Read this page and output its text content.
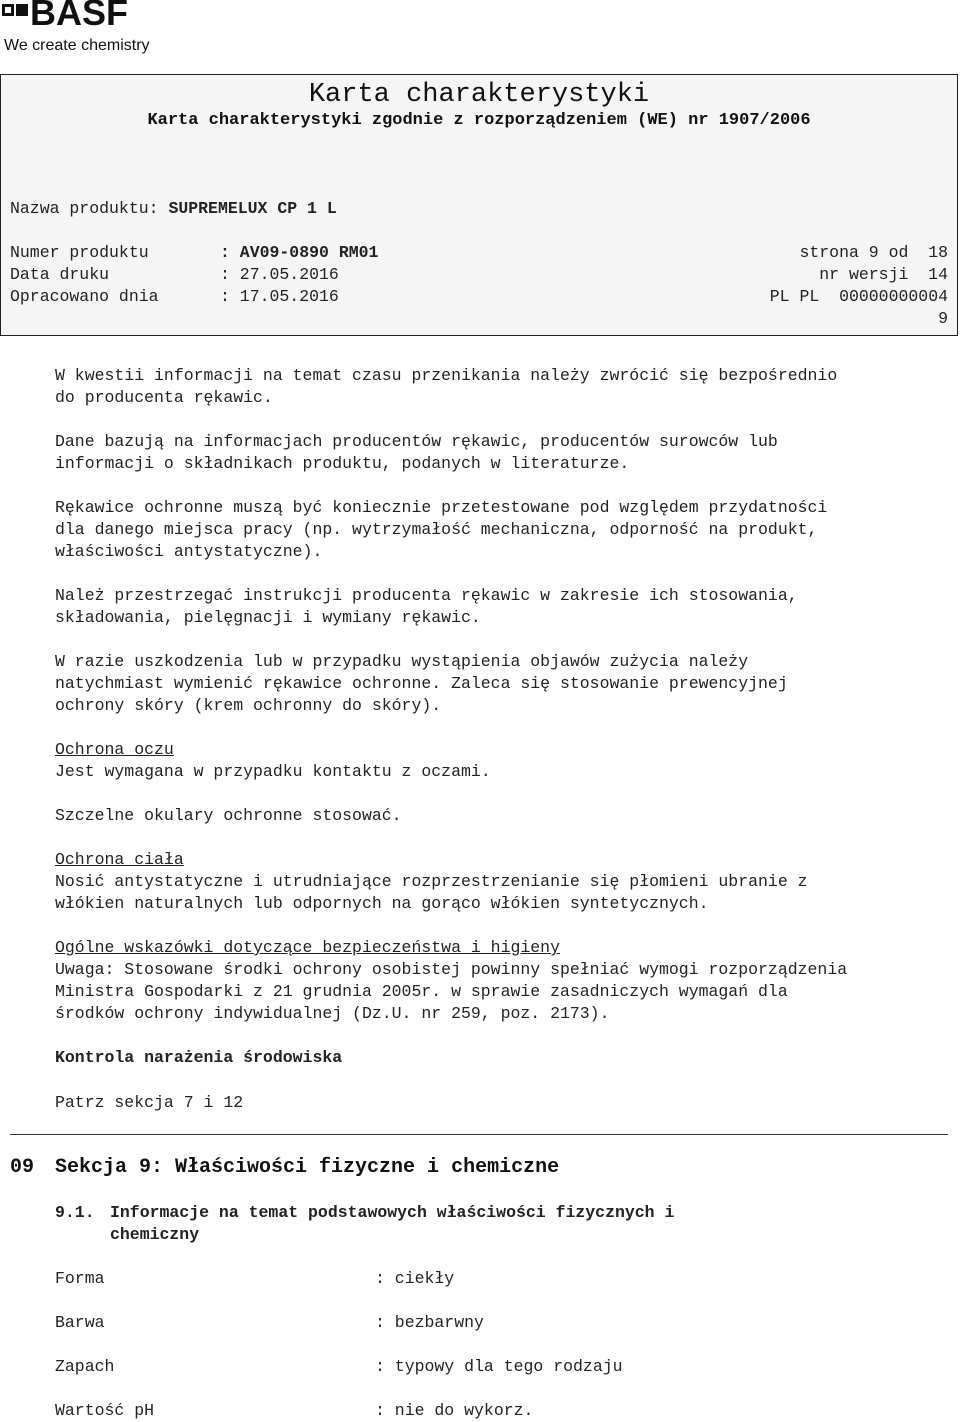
BASF
We create chemistry
Karta charakterystyki
Karta charakterystyki zgodnie z rozporządzeniem (WE) nr 1907/2006
Nazwa produktu: SUPREMELUX CP 1 L
Numer produktu	: AV09-0890 RM01	strona 9 od  18
Data druku	: 27.05.2016	nr wersji  14
Opracowano dnia	: 17.05.2016	PL PL  00000000004
9
W kwestii informacji na temat czasu przenikania należy zwrócić się bezpośrednio
do producenta rękawic.
Dane bazują na informacjach producentów rękawic, producentów surowców lub
informacji o składnikach produktu, podanych w literaturze.
Rękawice ochronne muszą być koniecznie przetestowane pod względem przydatności
dla danego miejsca pracy (np. wytrzymałość mechaniczna, odporność na produkt,
właściwości antystatyczne).
Należ przestrzegać instrukcji producenta rękawic w zakresie ich stosowania,
składowania, pielęgnacji i wymiany rękawic.
W razie uszkodzenia lub w przypadku wystąpienia objawów zużycia należy
natychmiast wymienić rękawice ochronne. Zaleca się stosowanie prewencyjnej
ochrony skóry (krem ochronny do skóry).
Ochrona oczu
Jest wymagana w przypadku kontaktu z oczami.
Szczelne okulary ochronne stosować.
Ochrona ciała
Nosić antystatyczne i utrudniające rozprzestrzenianie się płomieni ubranie z
włókien naturalnych lub odpornych na gorąco włókien syntetycznych.
Ogólne wskazówki dotyczące bezpieczeństwa i higieny
Uwaga: Stosowane środki ochrony osobistej powinny spełniać wymogi rozporządzenia
Ministra Gospodarki z 21 grudnia 2005r. w sprawie zasadniczych wymagań dla
środków ochrony indywidualnej (Dz.U. nr 259, poz. 2173).
Kontrola narażenia środowiska
Patrz sekcja 7 i 12
09 Sekcja 9: Właściwości fizyczne i chemiczne
9.1. Informacje na temat podstawowych właściwości fizycznych i
chemiczny
Forma	: ciekły
Barwa	: bezbarwny
Zapach	: typowy dla tego rodzaju
Wartość pH	: nie do wykorz.
